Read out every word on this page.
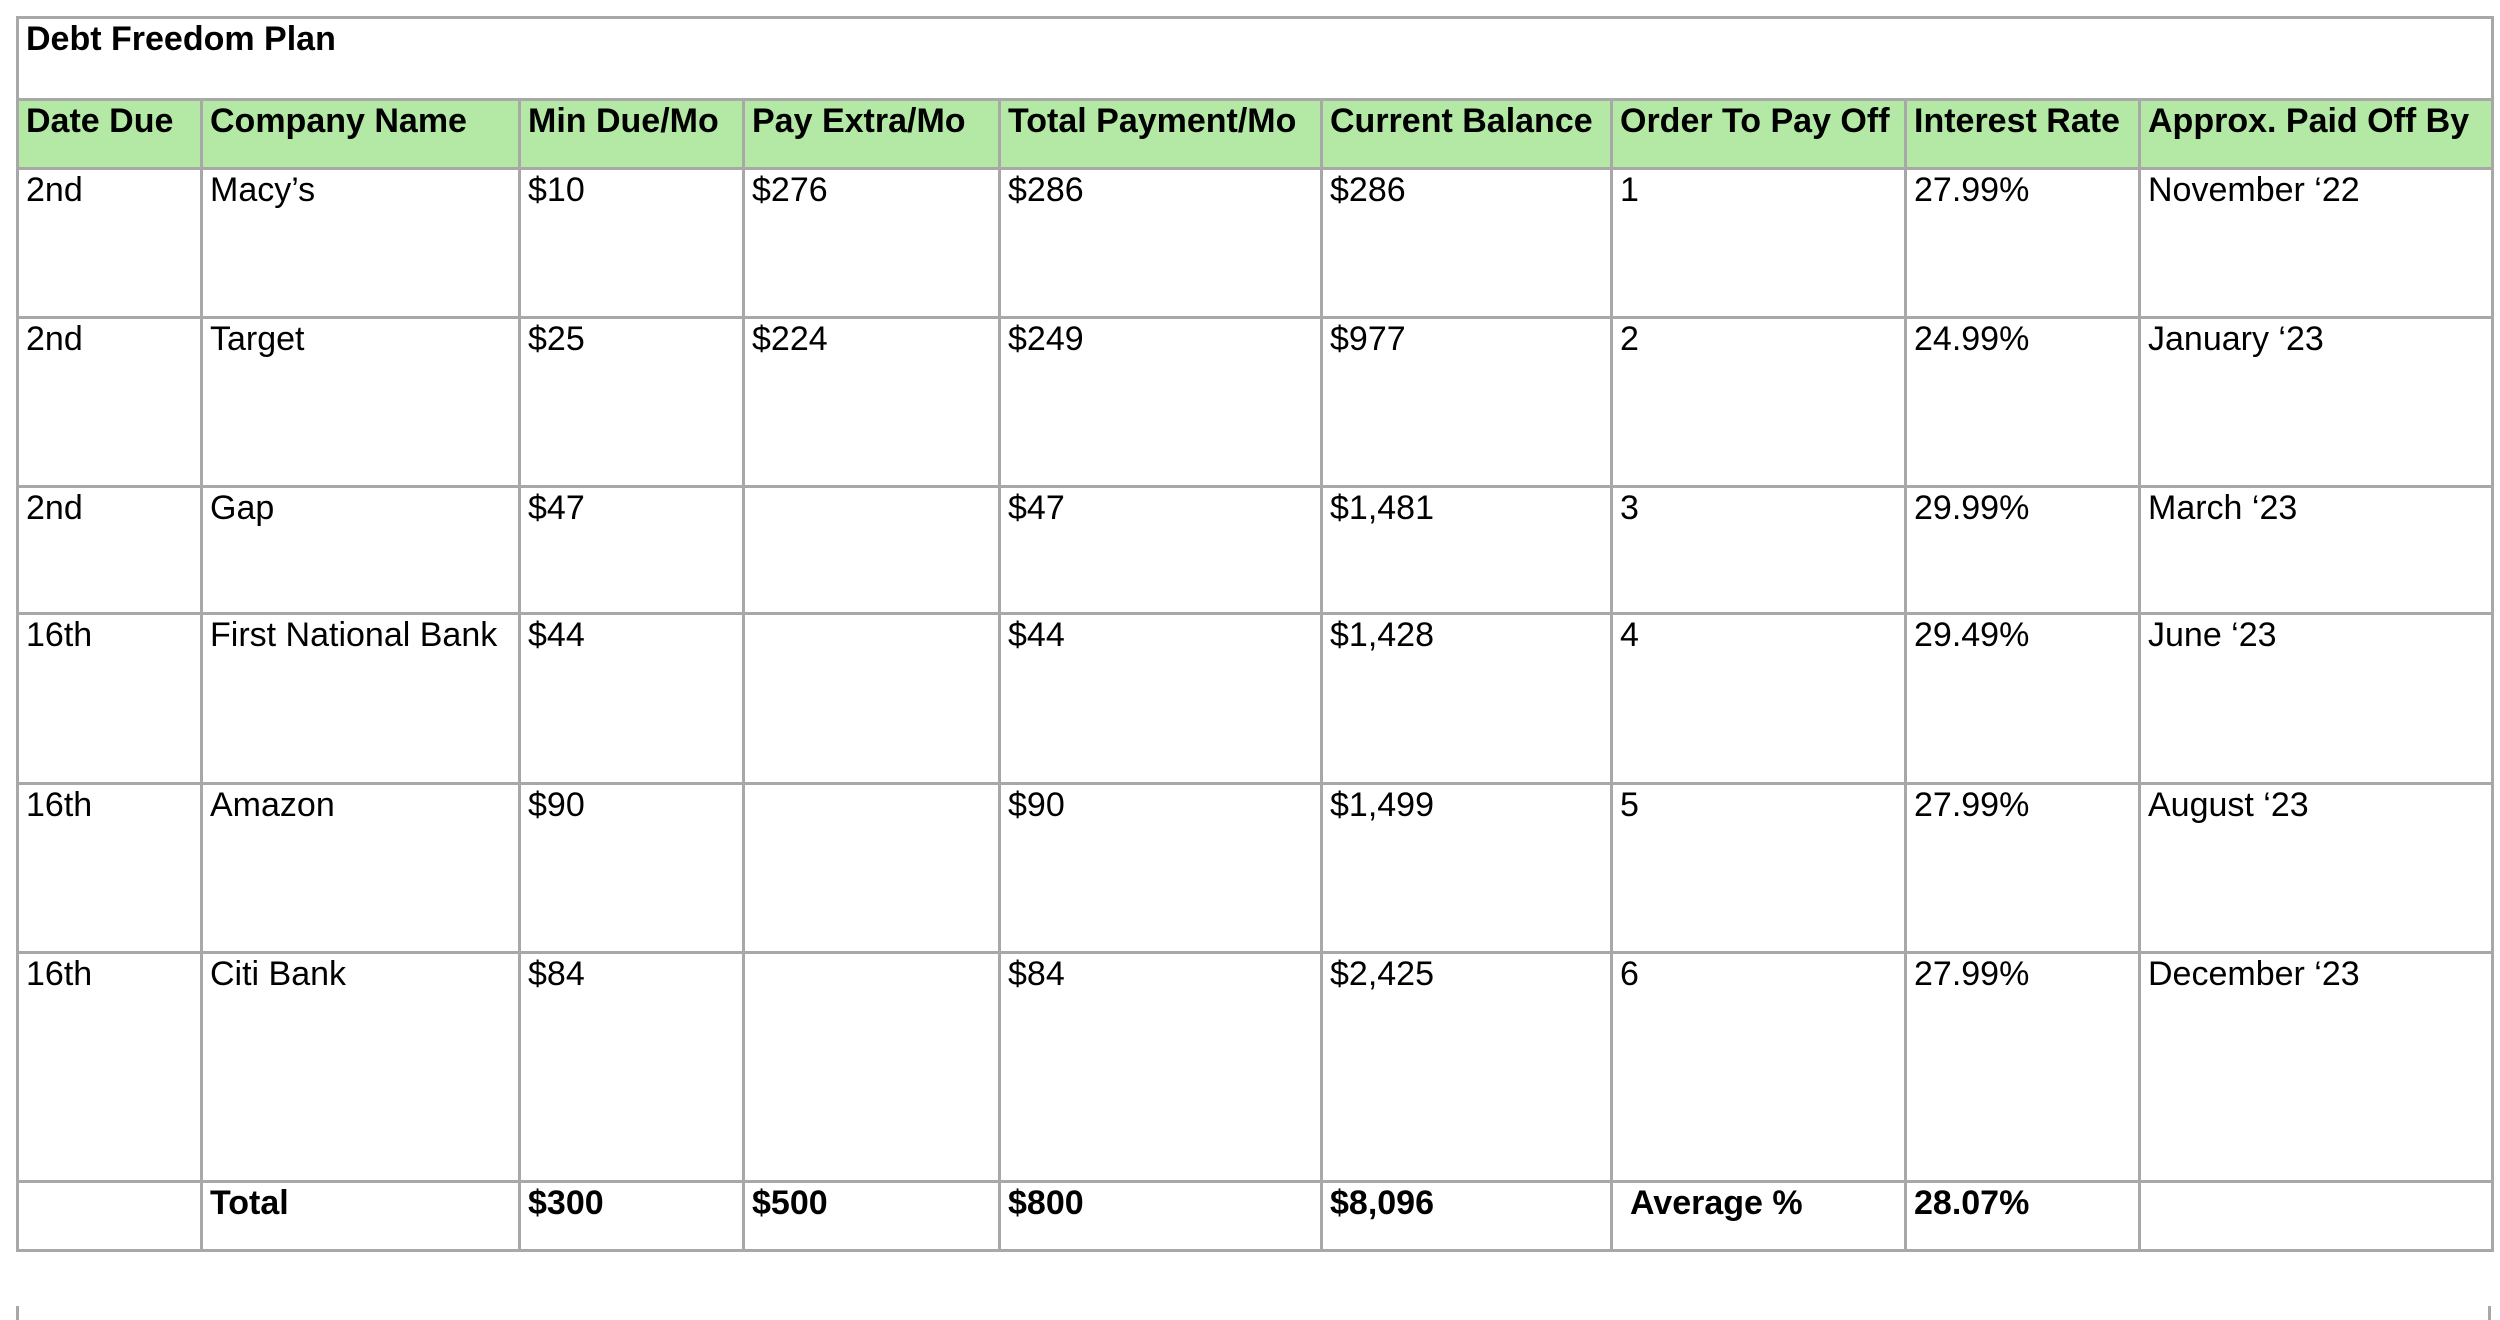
Debt Freedom Plan								
Date Due	Company Name	Min Due/Mo	Pay Extra/Mo	Total Payment/Mo	Current Balance	Order To Pay Off	Interest Rate	Approx. Paid Off By
2nd	Macy’s	$10	$276	$286	$286	1	27.99%	November ‘22
2nd	Target	$25	$224	$249	$977	2	24.99%	January ‘23
2nd	Gap	$47		$47	$1,481	3	29.99%	March ‘23
16th	First National Bank	$44		$44	$1,428	4	29.49%	June ‘23
16th	Amazon	$90		$90	$1,499	5	27.99%	August ‘23
16th	Citi Bank	$84		$84	$2,425	6	27.99%	December ‘23
	Total	$300	$500	$800	$8,096	Average %	28.07%	
